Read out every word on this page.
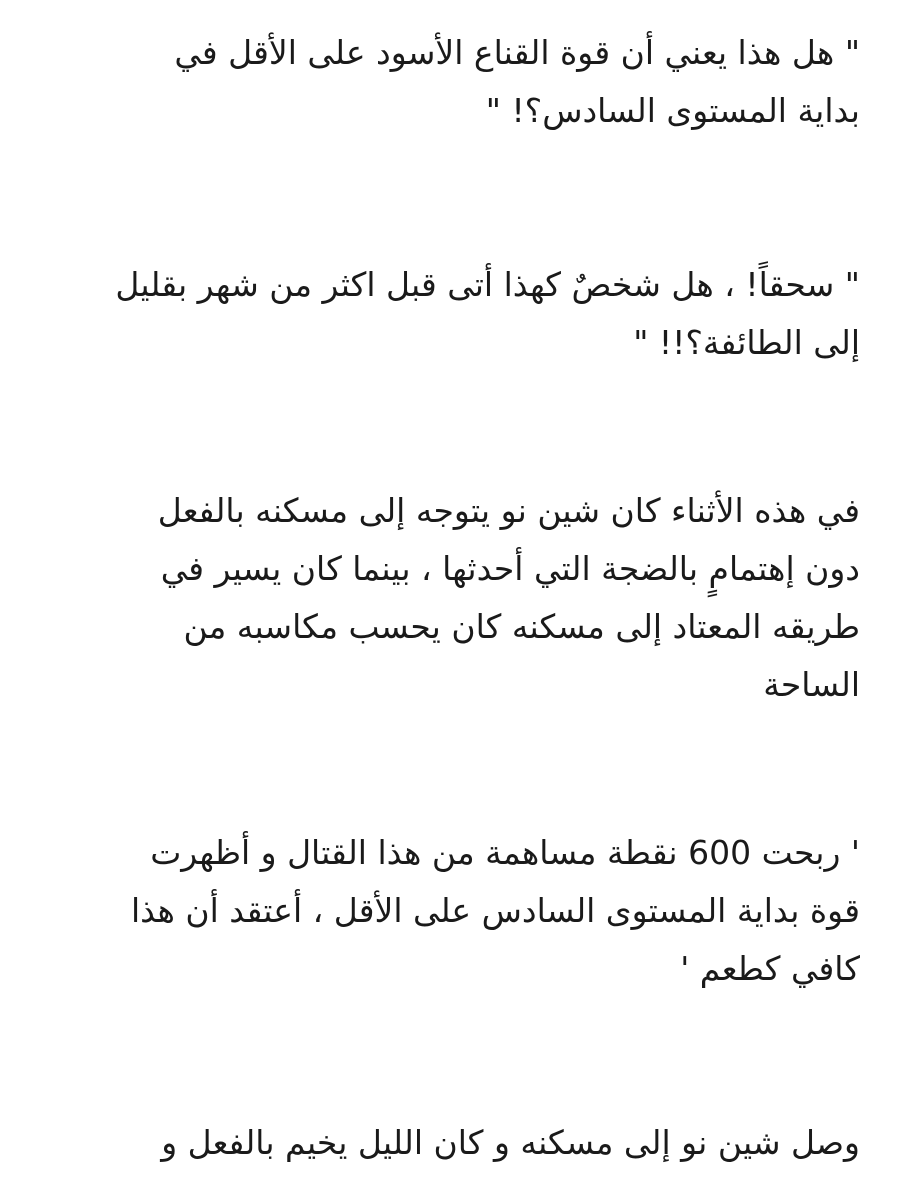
" هل هذا يعني أن قوة القناع الأسود على الأقل في
بداية المستوى السادس؟! "

" سحقاً! ، هل شخصٌ كهذا أتى قبل اكثر من شهر بقليل
إلى الطائفة؟!! "

في هذه الأثناء كان شين نو يتوجه إلى مسكنه بالفعل
دون إهتمامٍ بالضجة التي أحدثها ، بينما كان يسير في
طريقه المعتاد إلى مسكنه كان يحسب مكاسبه من
الساحة

' ربحت 600 نقطة مساهمة من هذا القتال و أظهرت
قوة بداية المستوى السادس على الأقل ، أعتقد أن هذا
كافي كطعم '

وصل شين نو إلى مسكنه و كان الليل يخيم بالفعل و
